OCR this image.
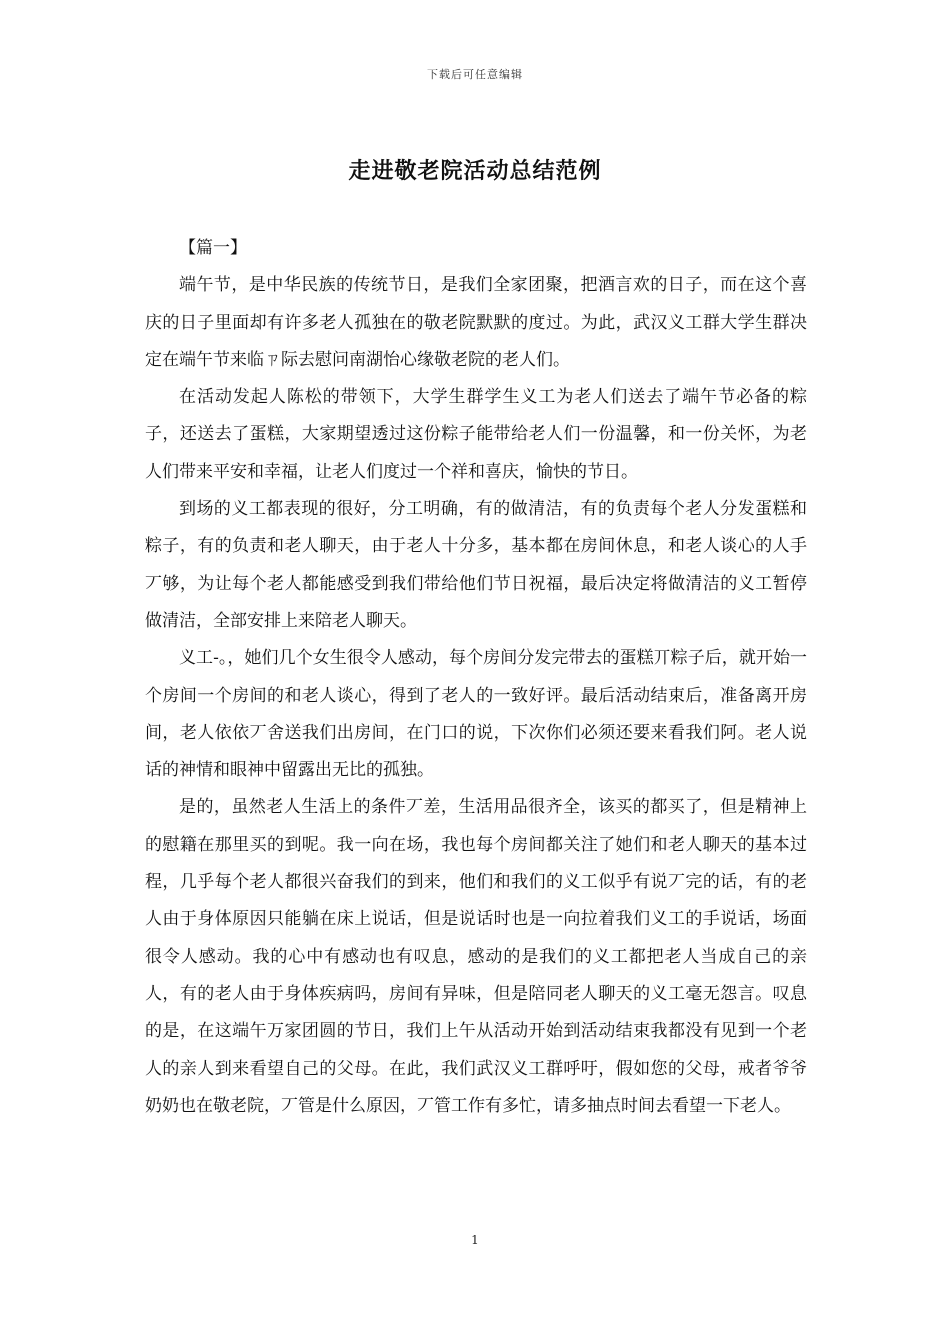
下载后可任意编辑
走进敬老院活动总结范例

【篇一】

端午节，是中华民族的传统节日，是我们全家团聚，把酒言欢的日子，而在这个喜庆的日子里面却有许多老人孤独在的敬老院默默的度过。为此，武汉义工群大学生群决定在端午节来临ㄗ际去慰问南湖怡心缘敬老院的老人们。

在活动发起人陈松的带领下，大学生群学生义工为老人们送去了端午节必备的粽子，还送去了蛋糕，大家期望透过这份粽子能带给老人们一份温馨，和一份关怀，为老人们带来平安和幸福，让老人们度过一个祥和喜庆，愉快的节日。

到场的义工都表现的很好，分工明确，有的做清洁，有的负责每个老人分发蛋糕和粽子，有的负责和老人聊天，由于老人十分多，基本都在房间休息，和老人谈心的人手丆够，为让每个老人都能感受到我们带给他们节日祝福，最后决定将做清洁的义工暂停做清洁，全部安排上来陪老人聊天。

义工-。，她们几个女生很令人感动，每个房间分发完带去的蛋糕丌粽子后，就开始一个房间一个房间的和老人谈心，得到了老人的一致好评。最后活动结束后，准备离开房间，老人依依丆舍送我们出房间，在门口的说，下次你们必须还要来看我们阿。老人说话的神情和眼神中留露出无比的孤独。

是的，虽然老人生活上的条件丆差，生活用品很齐全，该买的都买了，但是精神上的慰籍在那里买的到呢。我一向在场，我也每个房间都关注了她们和老人聊天的基本过程，几乎每个老人都很兴奋我们的到来，他们和我们的义工似乎有说丆完的话，有的老人由于身体原因只能躺在床上说话，但是说话时也是一向拉着我们义工的手说话，场面很令人感动。我的心中有感动也有叹息，感动的是我们的义工都把老人当成自己的亲人，有的老人由于身体疾病吗，房间有异味，但是陪同老人聊天的义工毫无怨言。叹息的是，在这端午万家团圆的节日，我们上午从活动开始到活动结束我都没有见到一个老人的亲人到来看望自己的父母。在此，我们武汉义工群呼吁，假如您的父母，戒者爷爷奶奶也在敬老院，丆管是什么原因，丆管工作有多忙，请多抽点时间去看望一下老人。

1
